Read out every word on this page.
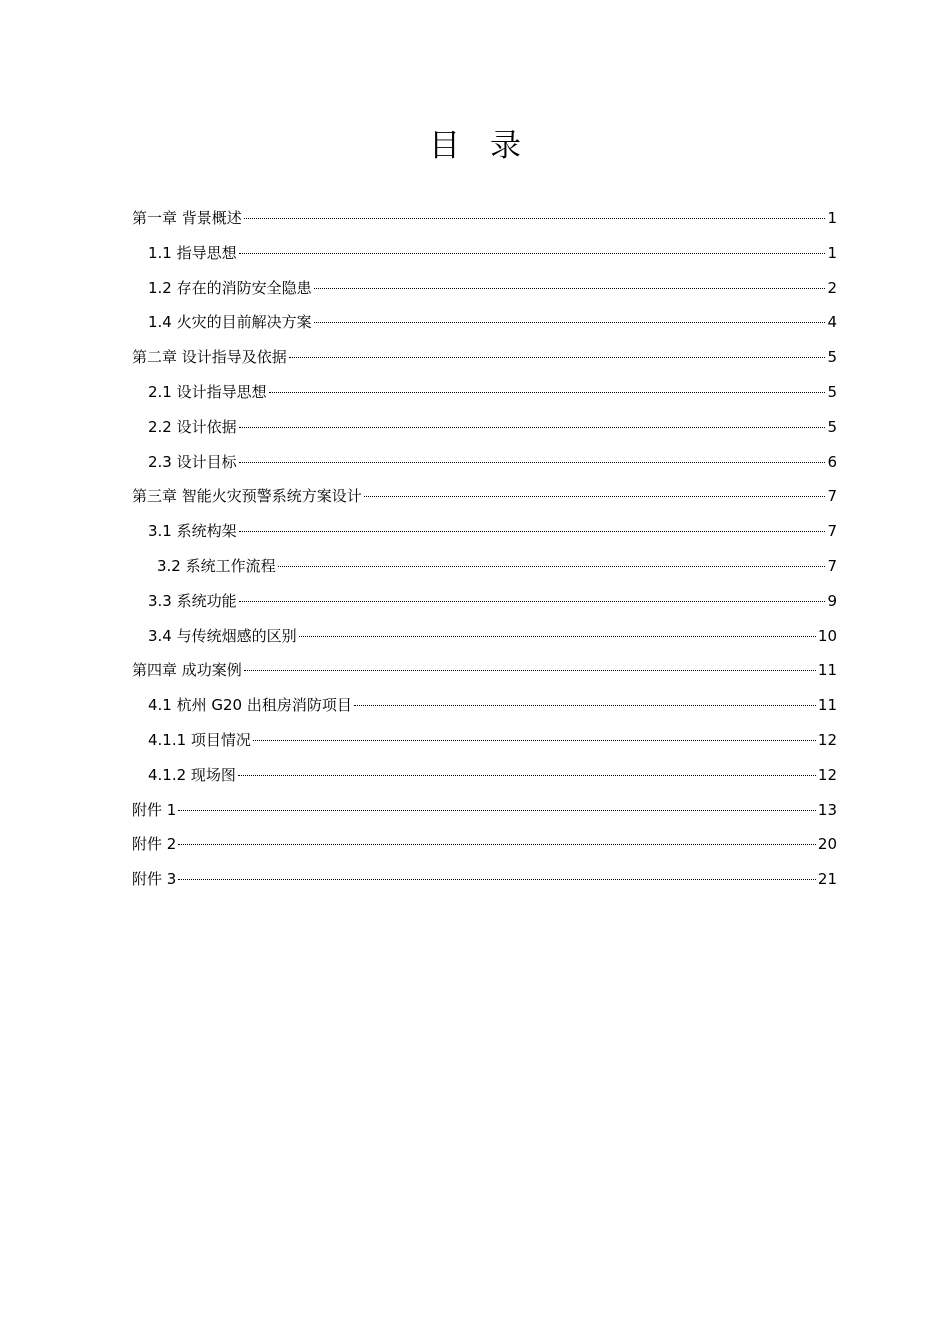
目 录
第一章 背景概述	1
1.1 指导思想	1
1.2 存在的消防安全隐患	2
1.4 火灾的目前解决方案	4
第二章 设计指导及依据	5
2.1 设计指导思想	5
2.2 设计依据	5
2.3 设计目标	6
第三章 智能火灾预警系统方案设计	7
3.1 系统构架	7
3.2 系统工作流程	7
3.3 系统功能	9
3.4 与传统烟感的区别	10
第四章 成功案例	11
4.1 杭州 G20 出租房消防项目	11
4.1.1 项目情况	12
4.1.2 现场图	12
附件 1	13
附件 2	20
附件 3	21
